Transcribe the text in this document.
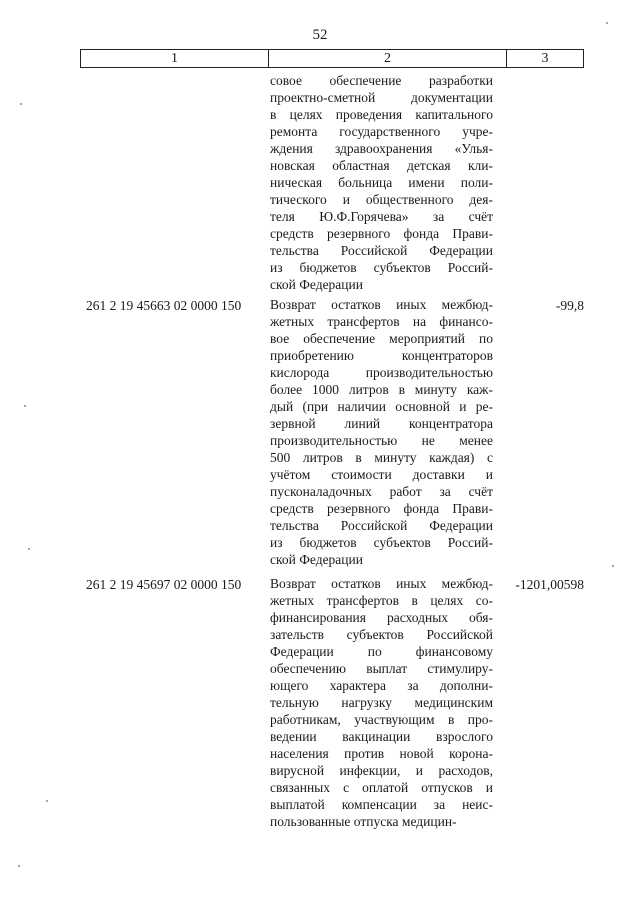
52
1	2	3
совое обеспечение разработки
проектно-сметной документации
в целях проведения капитального
ремонта государственного учре-
ждения здравоохранения «Улья-
новская областная детская кли-
ническая больница имени поли-
тического и общественного дея-
теля Ю.Ф.Горячева» за счёт
средств резервного фонда Прави-
тельства Российской Федерации
из бюджетов субъектов Россий-
ской Федерации
261 2 19 45663 02 0000 150 Возврат остатков иных межбюд-
жетных трансфертов на финансо-
вое обеспечение мероприятий по
приобретению концентраторов
кислорода производительностью
более 1000 литров в минуту каж-
дый (при наличии основной и ре-
зервной линий концентратора
производительностью не менее
500 литров в минуту каждая) с
учётом стоимости доставки и
пусконаладочных работ за счёт
средств резервного фонда Прави-
тельства Российской Федерации
из бюджетов субъектов Россий-
ской Федерации
-99,8
261 2 19 45697 02 0000 150 Возврат остатков иных межбюд-
жетных трансфертов в целях со-
финансирования расходных обя-
зательств субъектов Российской
Федерации по финансовому
обеспечению выплат стимулиру-
ющего характера за дополни-
тельную нагрузку медицинским
работникам, участвующим в про-
ведении вакцинации взрослого
населения против новой корона-
вирусной инфекции, и расходов,
связанных с оплатой отпусков и
выплатой компенсации за неис-
пользованные отпуска медицин-
-1201,00598
